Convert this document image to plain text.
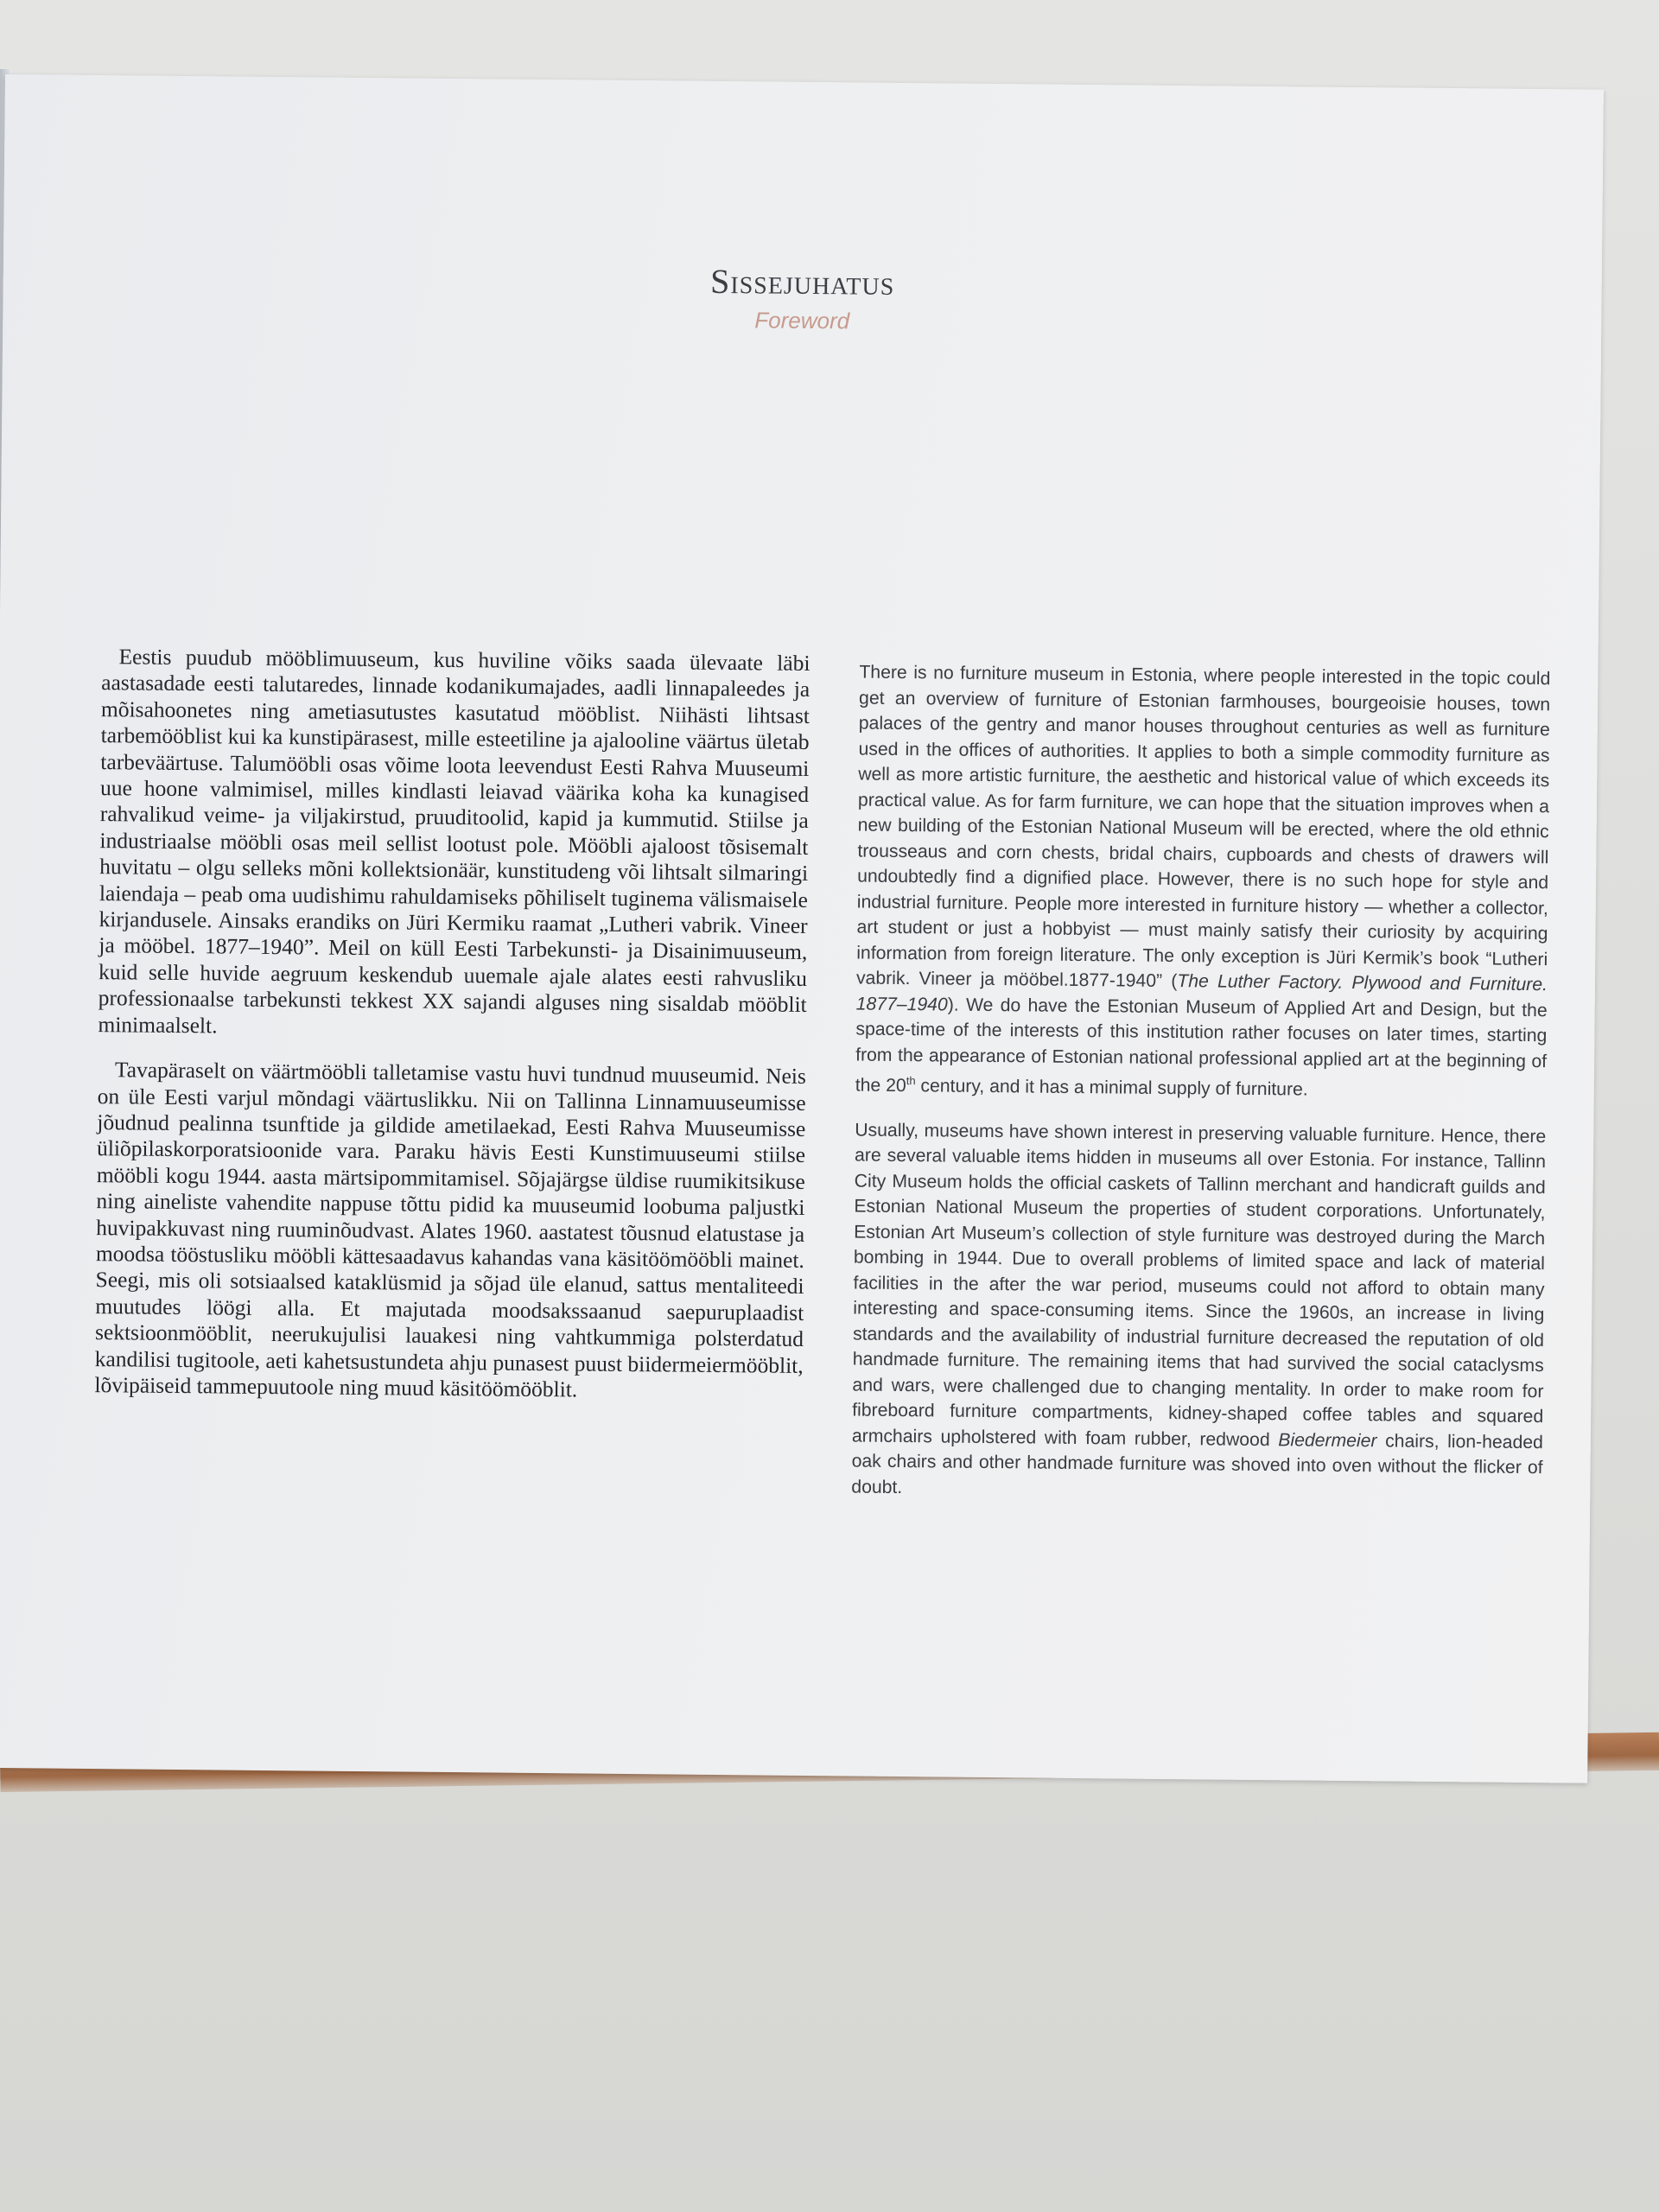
Sissejuhatus
Foreword

Eestis puudub mööblimuuseum, kus huviline võiks saada ülevaate läbi aastasadade eesti talutaredes, linnade kodanikumajades, aadli linnapaleedes ja mõisahoonetes ning ametiasutustes kasutatud mööblist. Niihästi lihtsast tarbemööblist kui ka kunstipärasest, mille esteetiline ja ajalooline väärtus ületab tarbeväärtuse. Talumööbli osas võime loota leevendust Eesti Rahva Muuseumi uue hoone valmimisel, milles kindlasti leiavad väärika koha ka kunagised rahvalikud veime- ja viljakirstud, pruuditoolid, kapid ja kummutid. Stiilse ja industriaalse mööbli osas meil sellist lootust pole. Mööbli ajaloost tõsisemalt huvitatu – olgu selleks mõni kollektsionäär, kunstitudeng või lihtsalt silmaringi laiendaja – peab oma uudishimu rahuldamiseks põhiliselt tuginema välismaisele kirjandusele. Ainsaks erandiks on Jüri Kermiku raamat „Lutheri vabrik. Vineer ja mööbel. 1877–1940”. Meil on küll Eesti Tarbekunsti- ja Disainimuuseum, kuid selle huvide aegruum keskendub uuemale ajale alates eesti rahvusliku professionaalse tarbekunsti tekkest XX sajandi alguses ning sisaldab mööblit minimaalselt.

Tavapäraselt on väärtmööbli talletamise vastu huvi tundnud muuseumid. Neis on üle Eesti varjul mõndagi väärtuslikku. Nii on Tallinna Linnamuuseumisse jõudnud pealinna tsunftide ja gildide ametilaekad, Eesti Rahva Muuseumisse üliõpilaskorporatsioonide vara. Paraku hävis Eesti Kunstimuuseumi stiilse mööbli kogu 1944. aasta märtsipommitamisel. Sõjajärgse üldise ruumikitsikuse ning ainelistе vahendite nappuse tõttu pidid ka muuseumid loobuma paljustki huvipakkuvast ning ruuminõudvast. Alates 1960. aastatest tõusnud elatustase ja moodsa tööstusliku mööbli kättesaadavus kahandas vana käsitöömööbli mainet. Seegi, mis oli sotsiaalsed kataklüsmid ja sõjad üle elanud, sattus mentaliteedi muutudes löögi alla. Et majutada moodsakssaanud saepuruplaadist sektsioonmööblit, neerukujulisi lauakesi ning vahtkummiga polsterdatud kandilisi tugitoole, aeti kahetsustundeta ahju punasest puust biidermeiermööblit, lõvipäiseid tammepuutoole ning muud käsitöömööblit.

There is no furniture museum in Estonia, where people interested in the topic could get an overview of furniture of Estonian farmhouses, bourgeoisie houses, town palaces of the gentry and manor houses throughout centuries as well as furniture used in the offices of authorities. It applies to both a simple commodity furniture as well as more artistic furniture, the aesthetic and historical value of which exceeds its practical value. As for farm furniture, we can hope that the situation improves when a new building of the Estonian National Museum will be erected, where the old ethnic trousseaus and corn chests, bridal chairs, cupboards and chests of drawers will undoubtedly find a dignified place. However, there is no such hope for style and industrial furniture. People more interested in furniture history — whether a collector, art student or just a hobbyist — must mainly satisfy their curiosity by acquiring information from foreign literature. The only exception is Jüri Kermik’s book “Lutheri vabrik. Vineer ja mööbel.1877-1940” (The Luther Factory. Plywood and Furniture. 1877–1940). We do have the Estonian Museum of Applied Art and Design, but the space-time of the interests of this institution rather focuses on later times, starting from the appearance of Estonian national professional applied art at the beginning of the 20th century, and it has a minimal supply of furniture.

Usually, museums have shown interest in preserving valuable furniture. Hence, there are several valuable items hidden in museums all over Estonia. For instance, Tallinn City Museum holds the official caskets of Tallinn merchant and handicraft guilds and Estonian National Museum the properties of student corporations. Unfortunately, Estonian Art Museum’s collection of style furniture was destroyed during the March bombing in 1944. Due to overall problems of limited space and lack of material facilities in the after the war period, museums could not afford to obtain many interesting and space-consuming items. Since the 1960s, an increase in living standards and the availability of industrial furniture decreased the reputation of old handmade furniture. The remaining items that had survived the social cataclysms and wars, were challenged due to changing mentality. In order to make room for fibreboard furniture compartments, kidney-shaped coffee tables and squared armchairs upholstered with foam rubber, redwood Biedermeier chairs, lion-headed oak chairs and other handmade furniture was shoved into oven without the flicker of doubt.
